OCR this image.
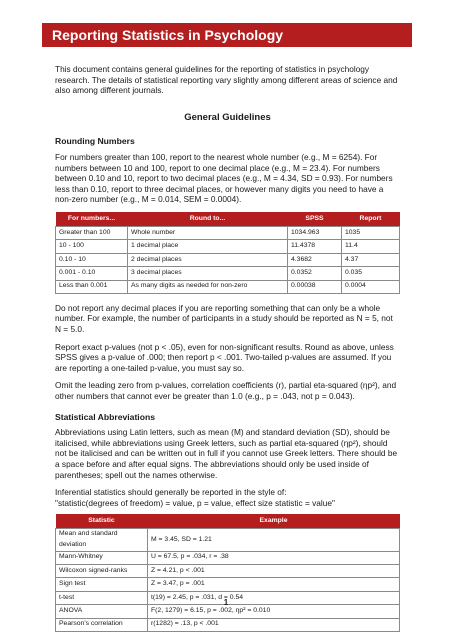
Reporting Statistics in Psychology

This document contains general guidelines for the reporting of statistics in psychology research. The details of statistical reporting vary slightly among different areas of science and also among different journals.

General Guidelines
Rounding Numbers

For numbers greater than 100, report to the nearest whole number (e.g., M = 6254). For numbers between 10 and 100, report to one decimal place (e.g., M = 23.4). For numbers between 0.10 and 10, report to two decimal places (e.g., M = 4.34, SD = 0.93). For numbers less than 0.10, report to three decimal places, or however many digits you need to have a non-zero number (e.g., M = 0.014, SEM = 0.0004).

For numbers...	Round to...	SPSS	Report
Greater than 100	Whole number	1034.963	1035
10 - 100	1 decimal place	11.4378	11.4
0.10 - 10	2 decimal places	4.3682	4.37
0.001 - 0.10	3 decimal places	0.0352	0.035
Less than 0.001	As many digits as needed for non-zero	0.00038	0.0004

Do not report any decimal places if you are reporting something that can only be a whole number. For example, the number of participants in a study should be reported as N = 5, not N = 5.0.

Report exact p-values (not p < .05), even for non-significant results. Round as above, unless SPSS gives a p-value of .000; then report p < .001. Two-tailed p-values are assumed. If you are reporting a one-tailed p-value, you must say so.

Omit the leading zero from p-values, correlation coefficients (r), partial eta-squared (ηp²), and other numbers that cannot ever be greater than 1.0 (e.g., p = .043, not p = 0.043).

Statistical Abbreviations

Abbreviations using Latin letters, such as mean (M) and standard deviation (SD), should be italicised, while abbreviations using Greek letters, such as partial eta-squared (ηp²), should not be italicised and can be written out in full if you cannot use Greek letters. There should be a space before and after equal signs. The abbreviations should only be used inside of parentheses; spell out the names otherwise.

Inferential statistics should generally be reported in the style of:
"statistic(degrees of freedom) = value, p = value, effect size statistic = value"

Statistic	Example
Mean and standard deviation	M = 3.45, SD = 1.21
Mann-Whitney	U = 67.5, p = .034, r = .38
Wilcoxon signed-ranks	Z = 4.21, p < .001
Sign test	Z = 3.47, p = .001
t-test	t(19) = 2.45, p = .031, d = 0.54
ANOVA	F(2, 1279) = 6.15, p = .002, ηp² = 0.010
Pearson's correlation	r(1282) = .13, p < .001
1
